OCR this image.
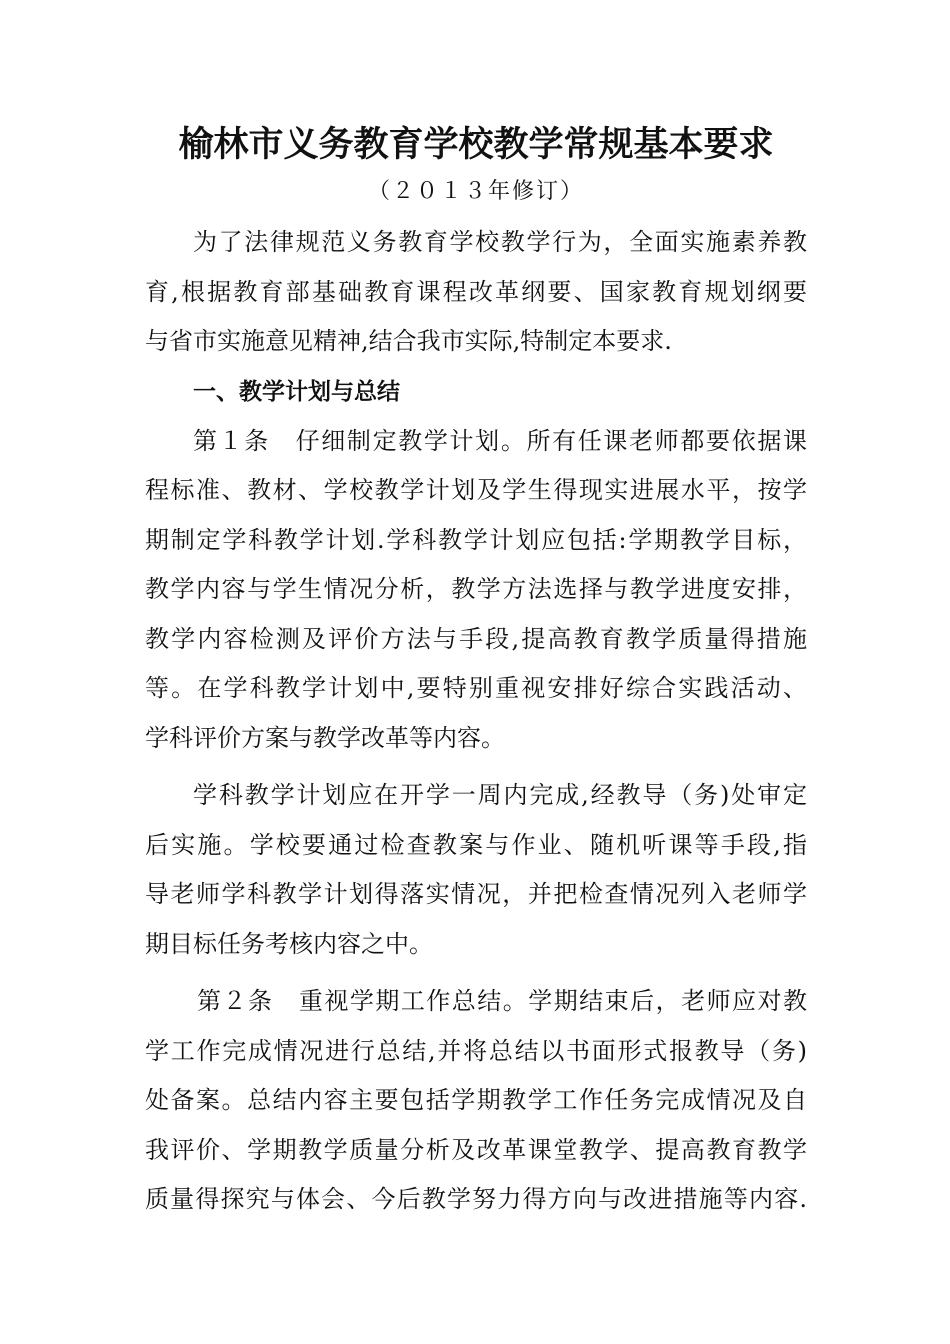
榆林市义务教育学校教学常规基本要求

（２０１３年修订）

为了法律规范义务教育学校教学行为，全面实施素养教
育,根据教育部基础教育课程改革纲要、国家教育规划纲要
与省市实施意见精神,结合我市实际,特制定本要求.

一、教学计划与总结

第１条　仔细制定教学计划。所有任课老师都要依据课
程标准、教材、学校教学计划及学生得现实进展水平，按学
期制定学科教学计划.学科教学计划应包括:学期教学目标，
教学内容与学生情况分析，教学方法选择与教学进度安排，
教学内容检测及评价方法与手段,提高教育教学质量得措施
等。在学科教学计划中,要特别重视安排好综合实践活动、
学科评价方案与教学改革等内容。

学科教学计划应在开学一周内完成,经教导（务)处审定
后实施。学校要通过检查教案与作业、随机听课等手段,指
导老师学科教学计划得落实情况，并把检查情况列入老师学
期目标任务考核内容之中。

第２条　重视学期工作总结。学期结束后，老师应对教
学工作完成情况进行总结,并将总结以书面形式报教导（务)
处备案。总结内容主要包括学期教学工作任务完成情况及自
我评价、学期教学质量分析及改革课堂教学、提高教育教学
质量得探究与体会、今后教学努力得方向与改进措施等内容.
